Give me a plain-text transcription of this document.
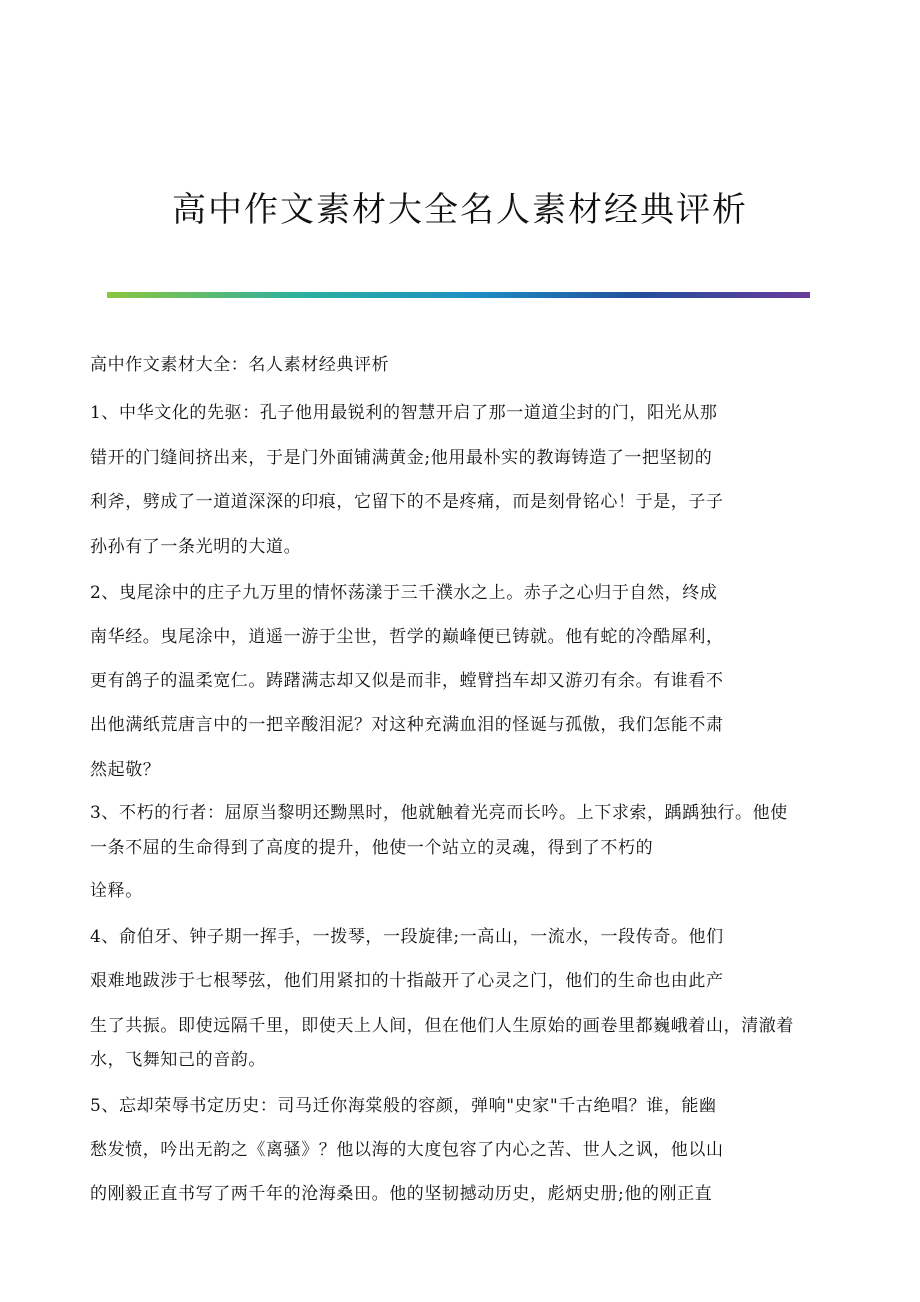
高中作文素材大全名人素材经典评析
高中作文素材大全：名人素材经典评析
1、中华文化的先驱：孔子他用最锐利的智慧开启了那一道道尘封的门，阳光从那
错开的门缝间挤出来，于是门外面铺满黄金;他用最朴实的教诲铸造了一把坚韧的
利斧，劈成了一道道深深的印痕，它留下的不是疼痛，而是刻骨铭心！于是，子子
孙孙有了一条光明的大道。
2、曳尾涂中的庄子九万里的情怀荡漾于三千濮水之上。赤子之心归于自然，终成
南华经。曳尾涂中，逍遥一游于尘世，哲学的巅峰便已铸就。他有蛇的冷酷犀利，
更有鸽子的温柔宽仁。踌躇满志却又似是而非，螳臂挡车却又游刃有余。有谁看不
出他满纸荒唐言中的一把辛酸泪泥？对这种充满血泪的怪诞与孤傲，我们怎能不肃
然起敬？
3、不朽的行者：屈原当黎明还黝黑时，他就触着光亮而长吟。上下求索，踽踽独行。他使
一条不屈的生命得到了高度的提升，他使一个站立的灵魂，得到了不朽的
诠释。
4、俞伯牙、钟子期一挥手，一拨琴，一段旋律;一高山，一流水，一段传奇。他们
艰难地跋涉于七根琴弦，他们用紧扣的十指敲开了心灵之门，他们的生命也由此产
生了共振。即使远隔千里，即使天上人间，但在他们人生原始的画卷里都巍峨着山，清澈着
水，飞舞知己的音韵。
5、忘却荣辱书定历史：司马迁你海棠般的容颜，弹响"史家"千古绝唱？谁，能幽
愁发愤，吟出无韵之《离骚》？他以海的大度包容了内心之苦、世人之讽，他以山
的刚毅正直书写了两千年的沧海桑田。他的坚韧撼动历史，彪炳史册;他的刚正直
